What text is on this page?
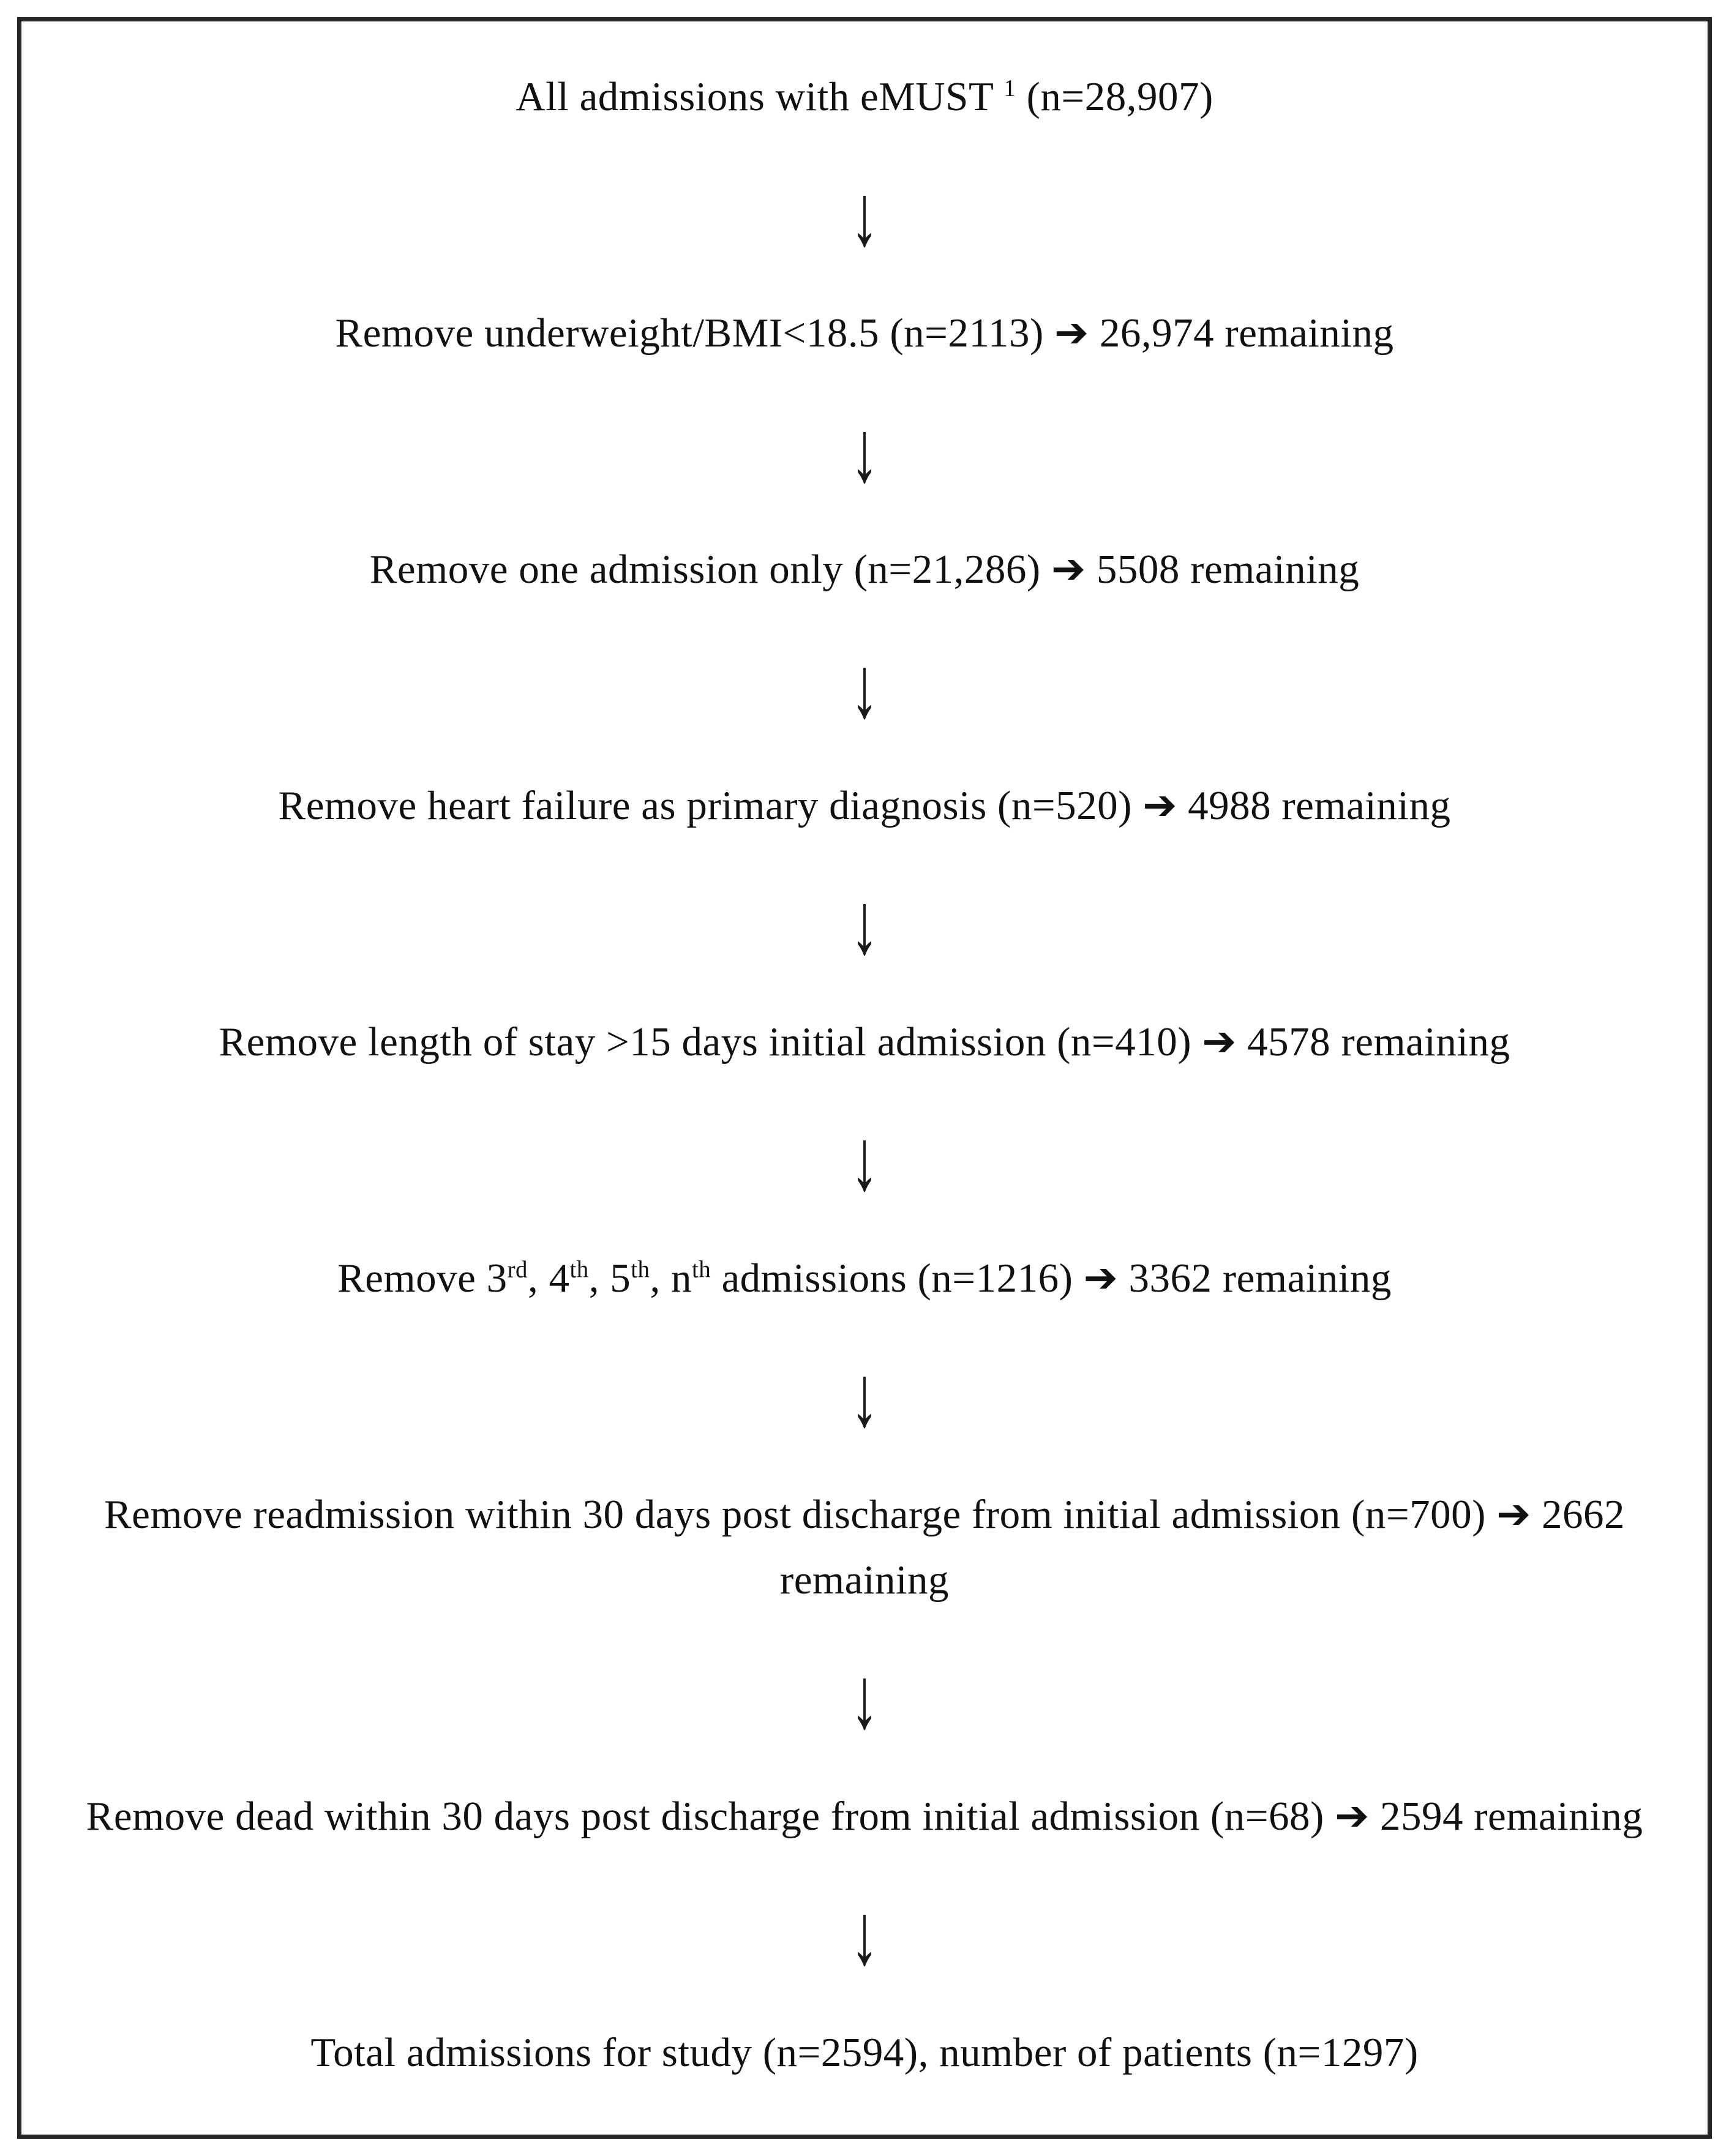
All admissions with eMUST $^1$ (n=28,907)
↓
Remove underweight/BMI<18.5 (n=2113) ➔ 26,974 remaining
↓
Remove one admission only (n=21,286) ➔ 5508 remaining
↓
Remove heart failure as primary diagnosis (n=520) ➔ 4988 remaining
↓
Remove length of stay >15 days initial admission (n=410) ➔ 4578 remaining
↓
Remove 3rd, 4th, 5th, $n^{th}$ admissions (n=1216) ➔ 3362 remaining
↓
Remove readmission within 30 days post discharge from initial admission (n=700) ➔ 2662 remaining
↓
Remove dead within 30 days post discharge from initial admission (n=68) ➔ 2594 remaining
↓
Total admissions for study (n=2594), number of patients (n=1297)
